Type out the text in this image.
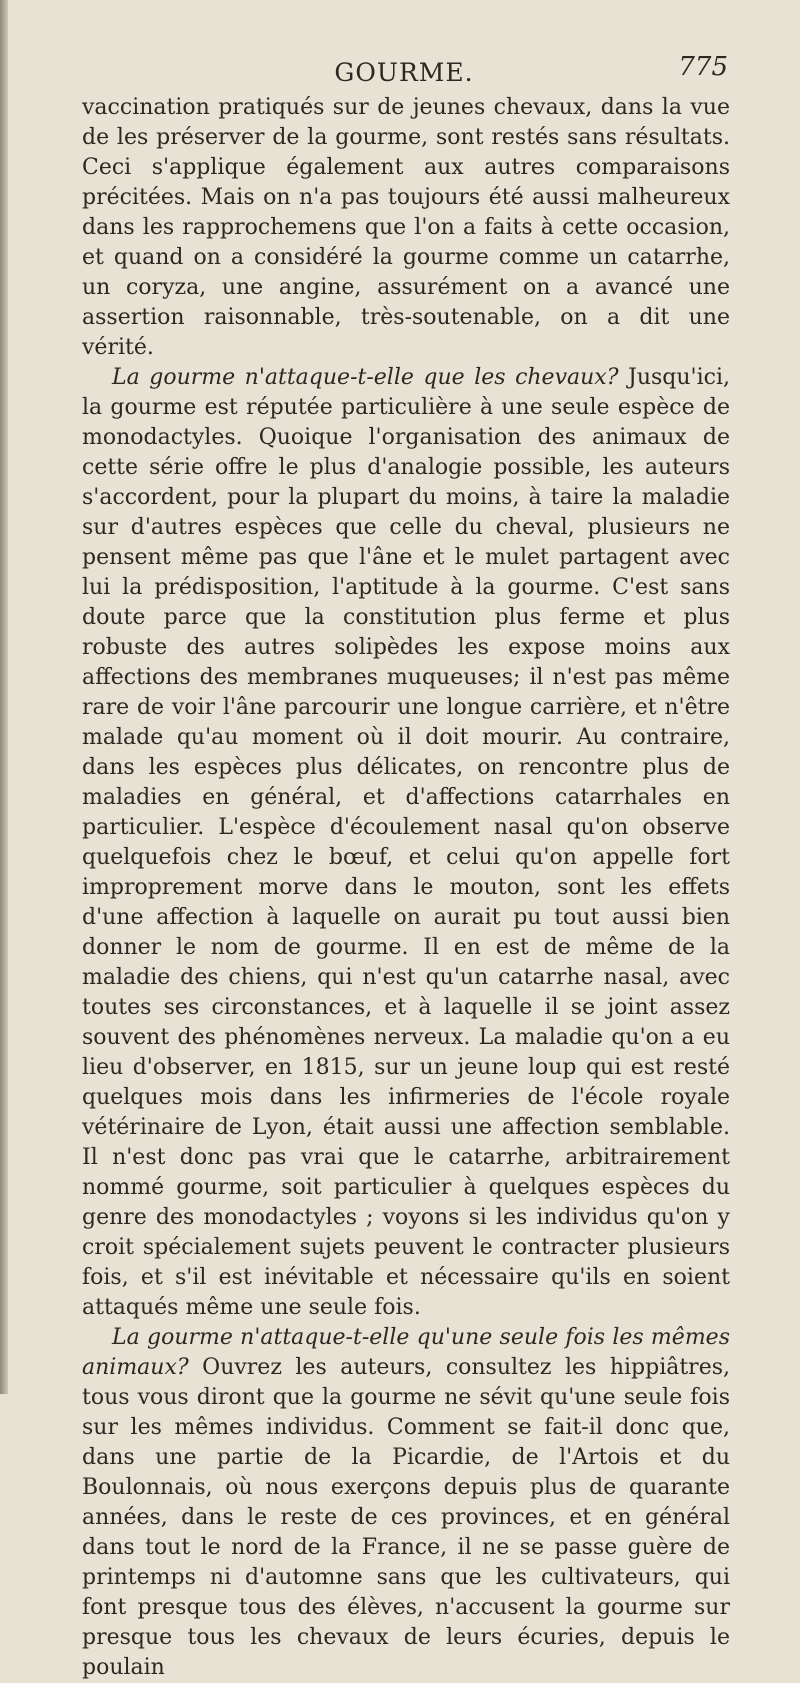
GOURME.	775

vaccination pratiqués sur de jeunes chevaux, dans la vue de les préserver de la gourme, sont restés sans résultats. Ceci s'applique également aux autres comparaisons précitées. Mais on n'a pas toujours été aussi malheureux dans les rapprochemens que l'on a faits à cette occasion, et quand on a considéré la gourme comme un catarrhe, un coryza, une angine, assurément on a avancé une assertion raisonnable, très-soutenable, on a dit une vérité.

La gourme n'attaque-t-elle que les chevaux? Jusqu'ici, la gourme est réputée particulière à une seule espèce de monodactyles. Quoique l'organisation des animaux de cette série offre le plus d'analogie possible, les auteurs s'accordent, pour la plupart du moins, à taire la maladie sur d'autres espèces que celle du cheval, plusieurs ne pensent même pas que l'âne et le mulet partagent avec lui la prédisposition, l'aptitude à la gourme. C'est sans doute parce que la constitution plus ferme et plus robuste des autres solipèdes les expose moins aux affections des membranes muqueuses; il n'est pas même rare de voir l'âne parcourir une longue carrière, et n'être malade qu'au moment où il doit mourir. Au contraire, dans les espèces plus délicates, on rencontre plus de maladies en général, et d'affections catarrhales en particulier. L'espèce d'écoulement nasal qu'on observe quelquefois chez le bœuf, et celui qu'on appelle fort improprement morve dans le mouton, sont les effets d'une affection à laquelle on aurait pu tout aussi bien donner le nom de gourme. Il en est de même de la maladie des chiens, qui n'est qu'un catarrhe nasal, avec toutes ses circonstances, et à laquelle il se joint assez souvent des phénomènes nerveux. La maladie qu'on a eu lieu d'observer, en 1815, sur un jeune loup qui est resté quelques mois dans les infirmeries de l'école royale vétérinaire de Lyon, était aussi une affection semblable. Il n'est donc pas vrai que le catarrhe, arbitrairement nommé gourme, soit particulier à quelques espèces du genre des monodactyles ; voyons si les individus qu'on y croit spécialement sujets peuvent le contracter plusieurs fois, et s'il est inévitable et nécessaire qu'ils en soient attaqués même une seule fois.

La gourme n'attaque-t-elle qu'une seule fois les mêmes animaux? Ouvrez les auteurs, consultez les hippiâtres, tous vous diront que la gourme ne sévit qu'une seule fois sur les mêmes individus. Comment se fait-il donc que, dans une partie de la Picardie, de l'Artois et du Boulonnais, où nous exerçons depuis plus de quarante années, dans le reste de ces provinces, et en général dans tout le nord de la France, il ne se passe guère de printemps ni d'automne sans que les cultivateurs, qui font presque tous des élèves, n'accusent la gourme sur presque tous les chevaux de leurs écuries, depuis le poulain
